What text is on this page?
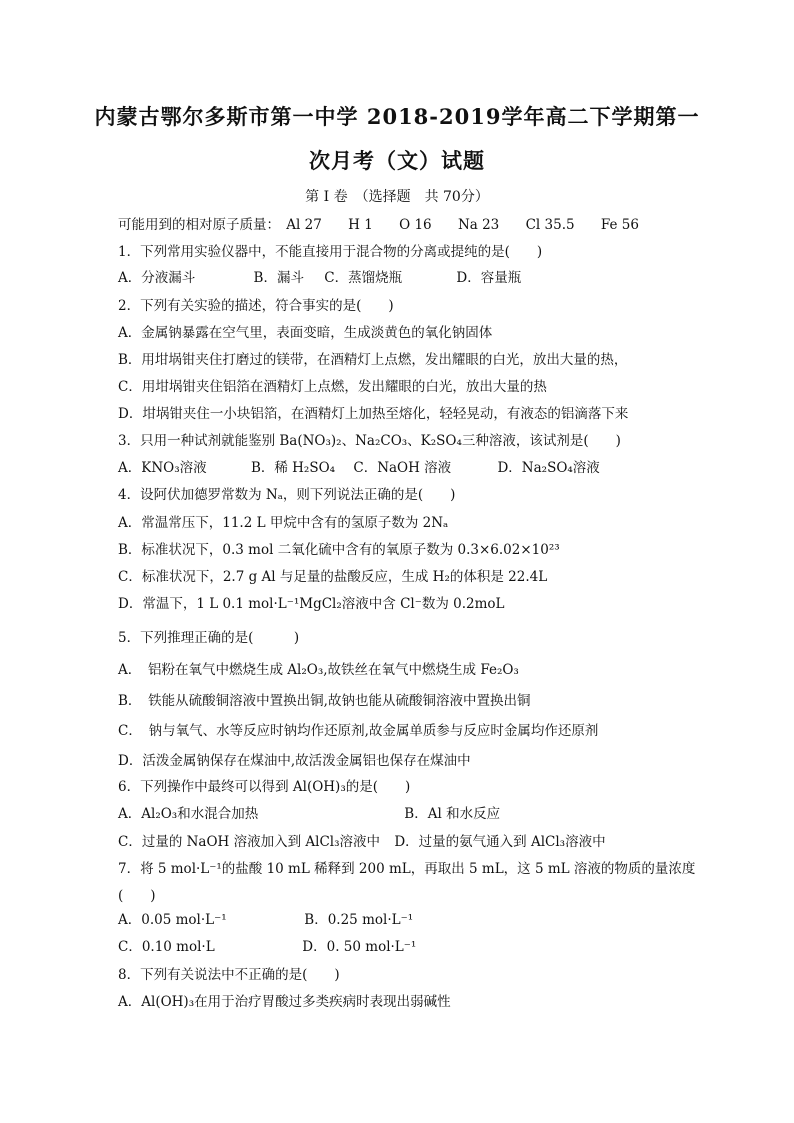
内蒙古鄂尔多斯市第一中学 2018-2019学年高二下学期第一
次月考（文）试题
第 I 卷　（选择题　共 70分）
可能用到的相对原子质量： Al 27 H 1 O 16 Na 23 Cl 35.5 Fe 56
1．下列常用实验仪器中，不能直接用于混合物的分离或提纯的是(　　)
A．分液漏斗	B．漏斗 C．蒸馏烧瓶	D．容量瓶
2．下列有关实验的描述，符合事实的是(　　)
A．金属钠暴露在空气里，表面变暗，生成淡黄色的氧化钠固体
B．用坩埚钳夹住打磨过的镁带，在酒精灯上点燃，发出耀眼的白光，放出大量的热，
C．用坩埚钳夹住铝箔在酒精灯上点燃，发出耀眼的白光，放出大量的热
D．坩埚钳夹住一小块铝箔，在酒精灯上加热至熔化，轻轻晃动，有液态的铝滴落下来
3．只用一种试剂就能鉴别 Ba(NO₃)₂、Na₂CO₃、K₂SO₄三种溶液，该试剂是(　　)
A．KNO₃溶液	B．稀 H₂SO₄ C．NaOH 溶液	D．Na₂SO₄溶液
4．设阿伏加德罗常数为 Nₐ，则下列说法正确的是(　　)
A．常温常压下，11.2 L 甲烷中含有的氢原子数为 2Nₐ
B．标准状况下，0.3 mol 二氧化硫中含有的氧原子数为 0.3×6.02×10²³
C．标准状况下，2.7 g Al 与足量的盐酸反应，生成 H₂的体积是 22.4L
D．常温下，1 L 0.1 mol·L⁻¹MgCl₂溶液中含 Cl⁻数为 0.2moL
5．下列推理正确的是(　　　)
A．　铝粉在氧气中燃烧生成 Al₂O₃,故铁丝在氧气中燃烧生成 Fe₂O₃
B．　铁能从硫酸铜溶液中置换出铜,故钠也能从硫酸铜溶液中置换出铜
C．　钠与氧气、水等反应时钠均作还原剂,故金属单质参与反应时金属均作还原剂
D．活泼金属钠保存在煤油中,故活泼金属铝也保存在煤油中
6．下列操作中最终可以得到 Al(OH)₃的是(　　)
A．Al₂O₃和水混合加热	B．Al 和水反应
C．过量的 NaOH 溶液加入到 AlCl₃溶液中 D．过量的氨气通入到 AlCl₃溶液中
7．将 5 mol·L⁻¹的盐酸 10 mL 稀释到 200 mL，再取出 5 mL，这 5 mL 溶液的物质的量浓度
(　　)
A．0.05 mol·L⁻¹	B．0.25 mol·L⁻¹
C．0.10 mol·L	D．0. 50 mol·L⁻¹
8．下列有关说法中不正确的是(　　)
A．Al(OH)₃在用于治疗胃酸过多类疾病时表现出弱碱性
